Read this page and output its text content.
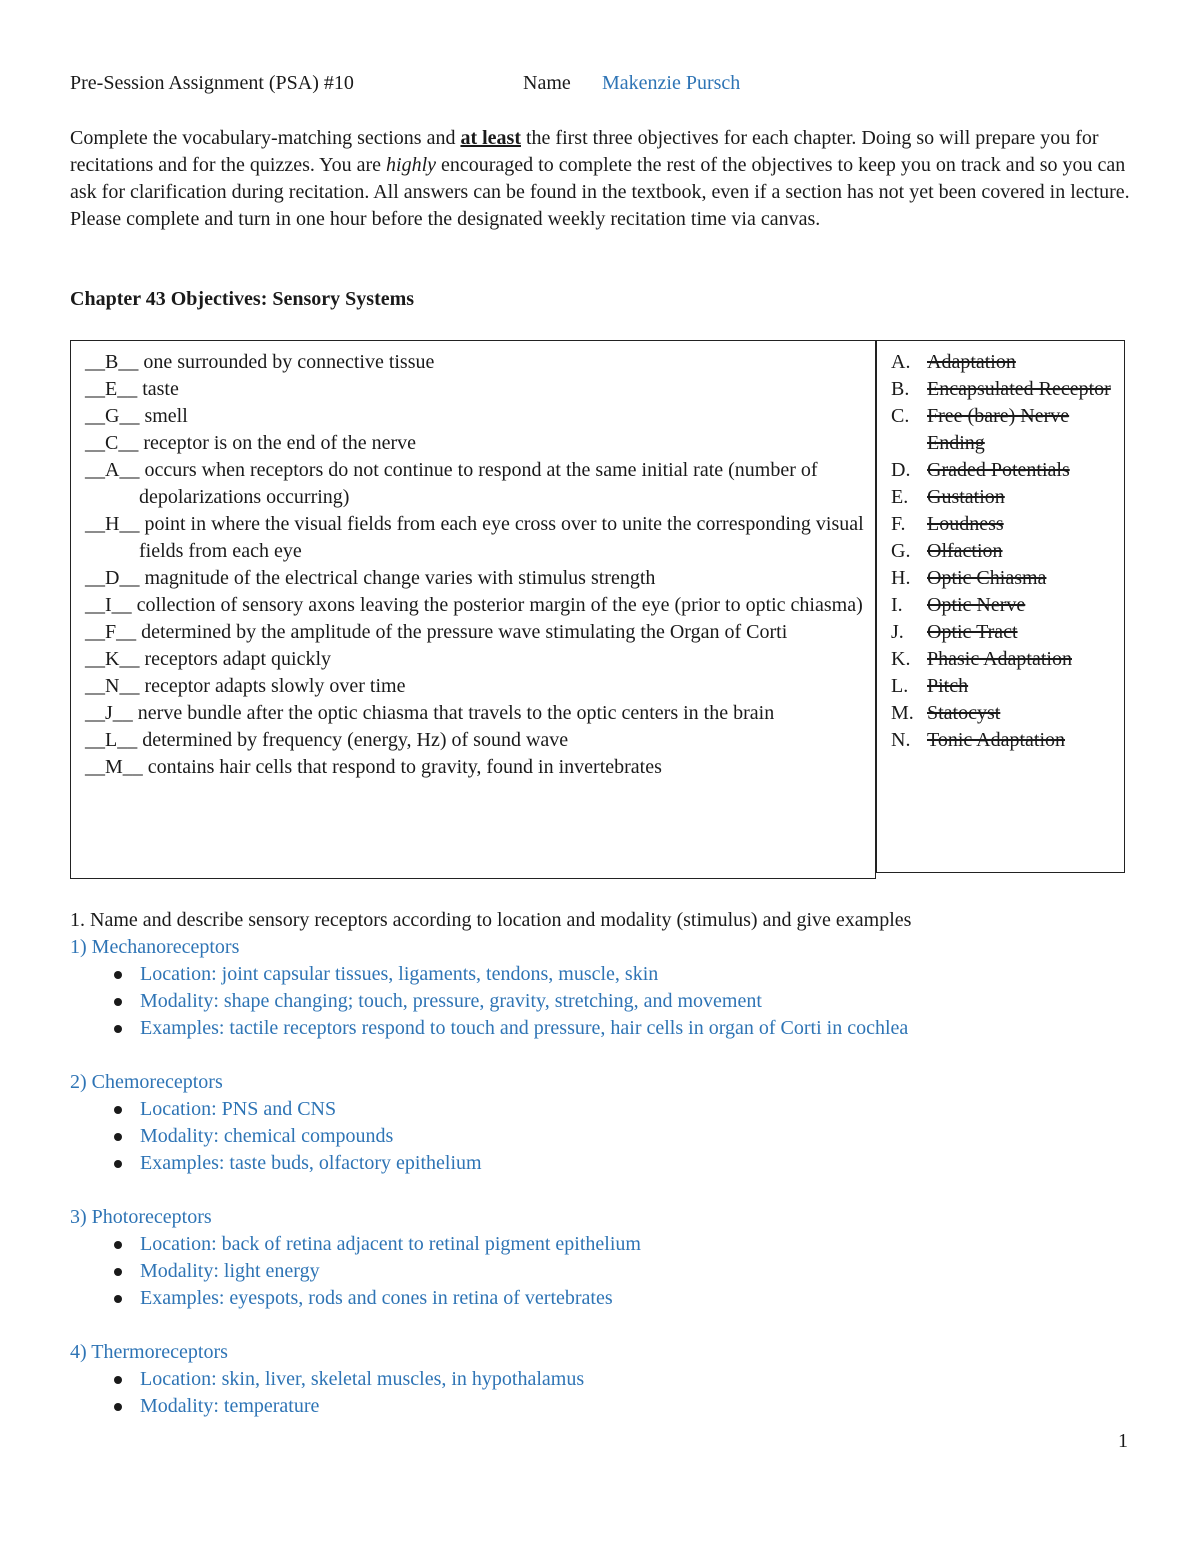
Pre-Session Assignment (PSA) #10	Name Makenzie Pursch
Complete the vocabulary-matching sections and at least the first three objectives for each chapter. Doing so will prepare you for recitations and for the quizzes. You are highly encouraged to complete the rest of the objectives to keep you on track and so you can ask for clarification during recitation. All answers can be found in the textbook, even if a section has not yet been covered in lecture. Please complete and turn in one hour before the designated weekly recitation time via canvas.
Chapter 43 Objectives: Sensory Systems
__B__ one surrounded by connective tissue
__E__ taste
__G__ smell
__C__ receptor is on the end of the nerve
__A__ occurs when receptors do not continue to respond at the same initial rate (number of depolarizations occurring)
__H__ point in where the visual fields from each eye cross over to unite the corresponding visual fields from each eye
__D__ magnitude of the electrical change varies with stimulus strength
__I__ collection of sensory axons leaving the posterior margin of the eye (prior to optic chiasma)
__F__ determined by the amplitude of the pressure wave stimulating the Organ of Corti
__K__ receptors adapt quickly
__N__ receptor adapts slowly over time
__J__ nerve bundle after the optic chiasma that travels to the optic centers in the brain
__L__ determined by frequency (energy, Hz) of sound wave
__M__ contains hair cells that respond to gravity, found in invertebrates
A. Adaptation
B. Encapsulated Receptor
C. Free (bare) Nerve Ending
D. Graded Potentials
E. Gustation
F.	Loudness
G. Olfaction
H. Optic Chiasma
I.	Optic Nerve
J.	Optic Tract
K. Phasic Adaptation
L. Pitch
M. Statocyst
N. Tonic Adaptation
1. Name and describe sensory receptors according to location and modality (stimulus) and give examples
1) Mechanoreceptors
Location: joint capsular tissues, ligaments, tendons, muscle, skin
Modality: shape changing; touch, pressure, gravity, stretching, and movement
Examples: tactile receptors respond to touch and pressure, hair cells in organ of Corti in cochlea
2) Chemoreceptors
Location: PNS and CNS
Modality: chemical compounds
Examples: taste buds, olfactory epithelium
3) Photoreceptors
Location: back of retina adjacent to retinal pigment epithelium
Modality: light energy
Examples: eyespots, rods and cones in retina of vertebrates
4) Thermoreceptors
Location: skin, liver, skeletal muscles, in hypothalamus
Modality: temperature
1
